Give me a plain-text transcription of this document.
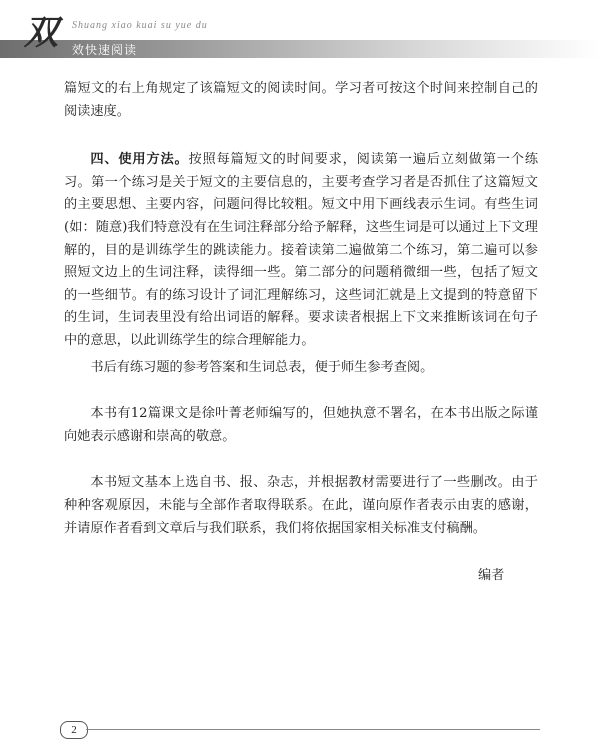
双 Shuang xiao kuai su yue du
效快速阅读

篇短文的右上角规定了该篇短文的阅读时间。学习者可按这个时间来控制自己的阅读速度。

四、使用方法。按照每篇短文的时间要求，阅读第一遍后立刻做第一个练习。第一个练习是关于短文的主要信息的，主要考查学习者是否抓住了这篇短文的主要思想、主要内容，问题问得比较粗。短文中用下画线表示生词。有些生词(如：随意)我们特意没有在生词注释部分给予解释，这些生词是可以通过上下文理解的，目的是训练学生的跳读能力。接着读第二遍做第二个练习，第二遍可以参照短文边上的生词注释，读得细一些。第二部分的问题稍微细一些，包括了短文的一些细节。有的练习设计了词汇理解练习，这些词汇就是上文提到的特意留下的生词，生词表里没有给出词语的解释。要求读者根据上下文来推断该词在句子中的意思，以此训练学生的综合理解能力。

书后有练习题的参考答案和生词总表，便于师生参考查阅。

本书有12篇课文是徐叶菁老师编写的，但她执意不署名，在本书出版之际谨向她表示感谢和崇高的敬意。

本书短文基本上选自书、报、杂志，并根据教材需要进行了一些删改。由于种种客观原因，未能与全部作者取得联系。在此，谨向原作者表示由衷的感谢，并请原作者看到文章后与我们联系，我们将依据国家相关标准支付稿酬。

编者
2
